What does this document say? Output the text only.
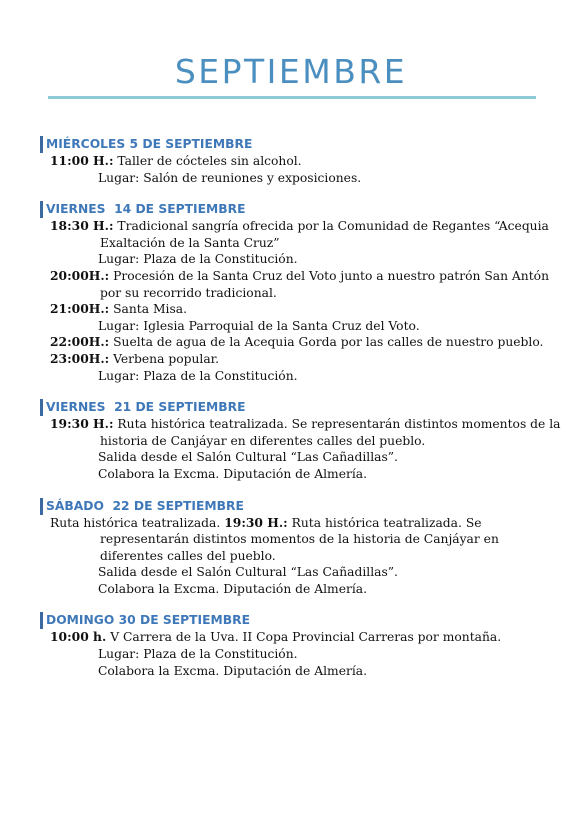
SEPTIEMBRE
MIÉRCOLES 5 DE SEPTIEMBRE
11:00 H.: Taller de cócteles sin alcohol.
Lugar: Salón de reuniones y exposiciones.
VIERNES  14 DE SEPTIEMBRE
18:30 H.: Tradicional sangría ofrecida por la Comunidad de Regantes “Acequia
Exaltación de la Santa Cruz”
Lugar: Plaza de la Constitución.
20:00H.: Procesión de la Santa Cruz del Voto junto a nuestro patrón San Antón
por su recorrido tradicional.
21:00H.: Santa Misa.
Lugar: Iglesia Parroquial de la Santa Cruz del Voto.
22:00H.: Suelta de agua de la Acequia Gorda por las calles de nuestro pueblo.
23:00H.: Verbena popular.
Lugar: Plaza de la Constitución.
VIERNES  21 DE SEPTIEMBRE
19:30 H.: Ruta histórica teatralizada. Se representarán distintos momentos de la
historia de Canjáyar en diferentes calles del pueblo.
Salida desde el Salón Cultural “Las Cañadillas”.
Colabora la Excma. Diputación de Almería.
SÁBADO  22 DE SEPTIEMBRE
Ruta histórica teatralizada. 19:30 H.: Ruta histórica teatralizada. Se
representarán distintos momentos de la historia de Canjáyar en
diferentes calles del pueblo.
Salida desde el Salón Cultural “Las Cañadillas”.
Colabora la Excma. Diputación de Almería.
DOMINGO 30 DE SEPTIEMBRE
10:00 h. V Carrera de la Uva. II Copa Provincial Carreras por montaña.
Lugar: Plaza de la Constitución.
Colabora la Excma. Diputación de Almería.
